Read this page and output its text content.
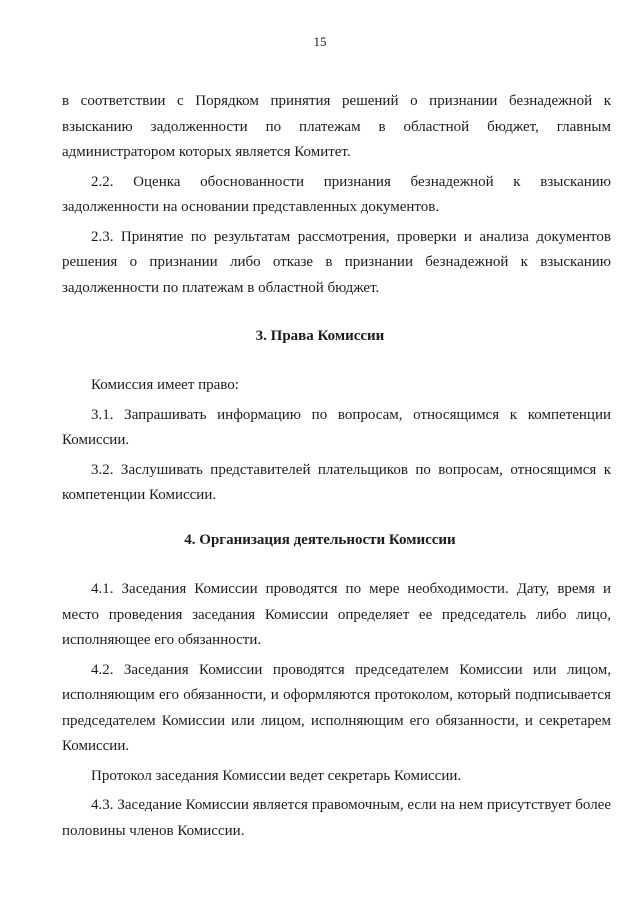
15

в соответствии с Порядком принятия решений о признании безнадежной к взысканию задолженности по платежам в областной бюджет, главным администратором которых является Комитет.

2.2. Оценка обоснованности признания безнадежной к взысканию задолженности на основании представленных документов.

2.3. Принятие по результатам рассмотрения, проверки и анализа документов решения о признании либо отказе в признании безнадежной к взысканию задолженности по платежам в областной бюджет.

3. Права Комиссии

Комиссия имеет право:

3.1. Запрашивать информацию по вопросам, относящимся к компетенции Комиссии.

3.2. Заслушивать представителей плательщиков по вопросам, относящимся к компетенции Комиссии.

4. Организация деятельности Комиссии

4.1. Заседания Комиссии проводятся по мере необходимости. Дату, время и место проведения заседания Комиссии определяет ее председатель либо лицо, исполняющее его обязанности.

4.2. Заседания Комиссии проводятся председателем Комиссии или лицом, исполняющим его обязанности, и оформляются протоколом, который подписывается председателем Комиссии или лицом, исполняющим его обязанности, и секретарем Комиссии.

Протокол заседания Комиссии ведет секретарь Комиссии.

4.3. Заседание Комиссии является правомочным, если на нем присутствует более половины членов Комиссии.
